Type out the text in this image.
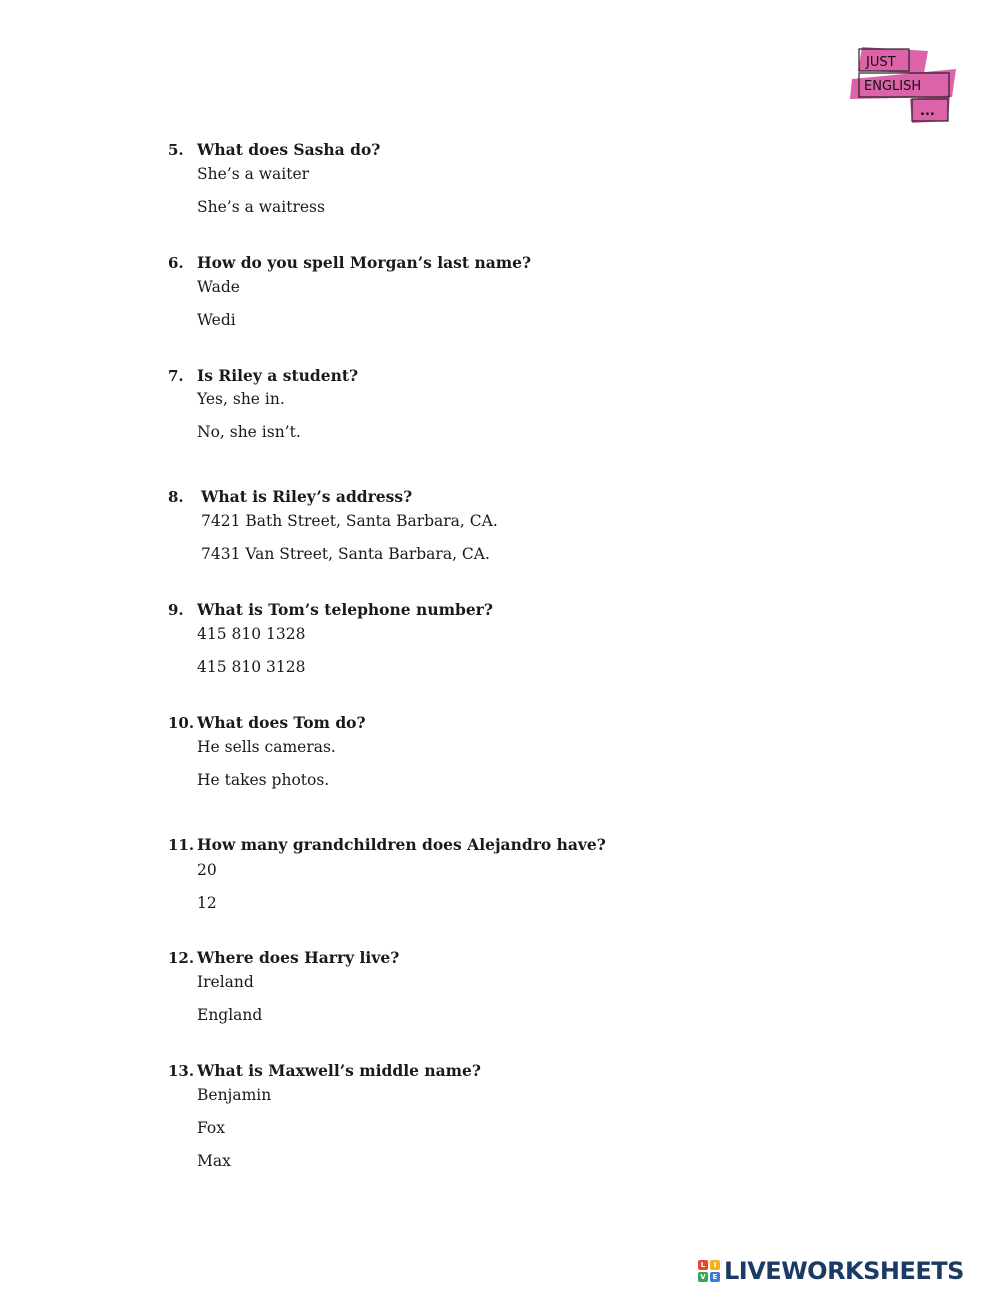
JUST
ENGLISH
...
5. What does Sasha do?
She’s a waiter
She’s a waitress
6. How do you spell Morgan’s last name?
Wade
Wedi
7. Is Riley a student?
Yes, she in.
No, she isn’t.
8. What is Riley’s address?
7421 Bath Street, Santa Barbara, CA.
7431 Van Street, Santa Barbara, CA.
9. What is Tom’s telephone number?
415 810 1328
415 810 3128
10. What does Tom do?
He sells cameras.
He takes photos.
11. How many grandchildren does Alejandro have?
20
12
12. Where does Harry live?
Ireland
England
13. What is Maxwell’s middle name?
Benjamin
Fox
Max
L	I
V E LIVEWORKSHEETS
